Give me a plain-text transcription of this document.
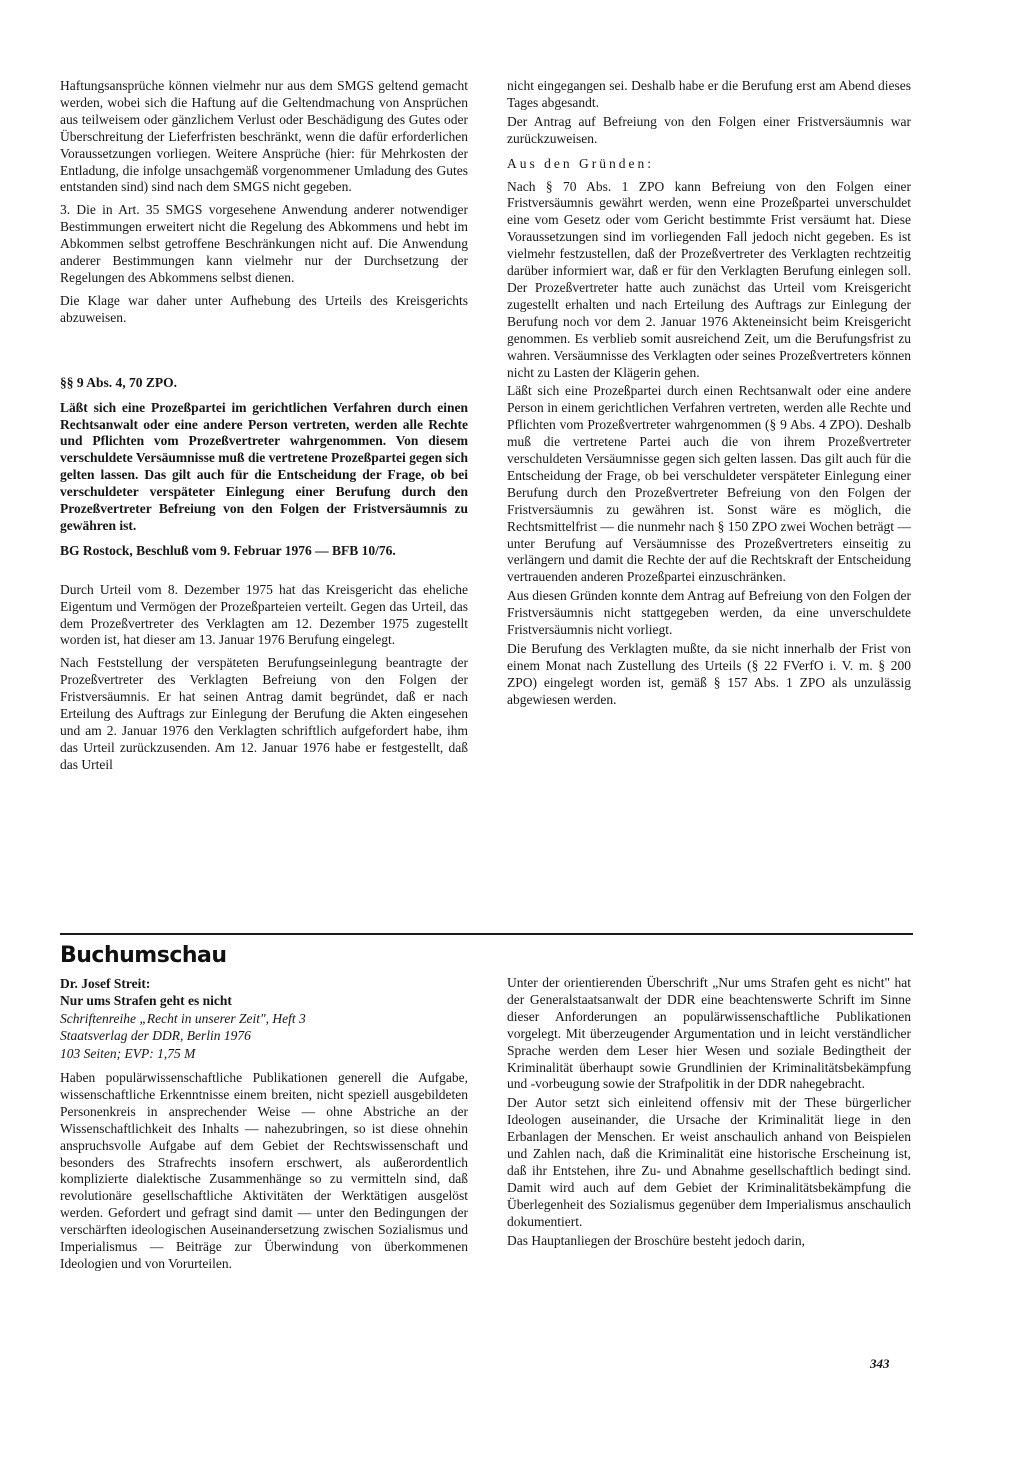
Haftungsansprüche können vielmehr nur aus dem SMGS geltend gemacht werden, wobei sich die Haftung auf die Geltendmachung von Ansprüchen aus teilweisem oder gänzlichem Verlust oder Beschädigung des Gutes oder Überschreitung der Lieferfristen beschränkt, wenn die dafür erforderlichen Voraussetzungen vorliegen. Weitere Ansprüche (hier: für Mehrkosten der Entladung, die infolge unsachgemäß vorgenommener Umladung des Gutes entstanden sind) sind nach dem SMGS nicht gegeben.

3. Die in Art. 35 SMGS vorgesehene Anwendung anderer notwendiger Bestimmungen erweitert nicht die Regelung des Abkommens und hebt im Abkommen selbst getroffene Beschränkungen nicht auf. Die Anwendung anderer Bestimmungen kann vielmehr nur der Durchsetzung der Regelungen des Abkommens selbst dienen.

Die Klage war daher unter Aufhebung des Urteils des Kreisgerichts abzuweisen.

§§ 9 Abs. 4, 70 ZPO.

Läßt sich eine Prozeßpartei im gerichtlichen Verfahren durch einen Rechtsanwalt oder eine andere Person vertreten, werden alle Rechte und Pflichten vom Prozeßvertreter wahrgenommen. Von diesem verschuldete Versäumnisse muß die vertretene Prozeßpartei gegen sich gelten lassen. Das gilt auch für die Entscheidung der Frage, ob bei verschuldeter verspäteter Einlegung einer Berufung durch den Prozeßvertreter Befreiung von den Folgen der Fristversäumnis zu gewähren ist.

BG Rostock, Beschluß vom 9. Februar 1976 — BFB 10/76.

Durch Urteil vom 8. Dezember 1975 hat das Kreisgericht das eheliche Eigentum und Vermögen der Prozeßparteien verteilt. Gegen das Urteil, das dem Prozeßvertreter des Verklagten am 12. Dezember 1975 zugestellt worden ist, hat dieser am 13. Januar 1976 Berufung eingelegt.

Nach Feststellung der verspäteten Berufungseinlegung beantragte der Prozeßvertreter des Verklagten Befreiung von den Folgen der Fristversäumnis. Er hat seinen Antrag damit begründet, daß er nach Erteilung des Auftrags zur Einlegung der Berufung die Akten eingesehen und am 2. Januar 1976 den Verklagten schriftlich aufgefordert habe, ihm das Urteil zurückzusenden. Am 12. Januar 1976 habe er festgestellt, daß das Urteil

nicht eingegangen sei. Deshalb habe er die Berufung erst am Abend dieses Tages abgesandt.

Der Antrag auf Befreiung von den Folgen einer Fristversäumnis war zurückzuweisen.

Aus den Gründen:

Nach § 70 Abs. 1 ZPO kann Befreiung von den Folgen einer Fristversäumnis gewährt werden, wenn eine Prozeßpartei unverschuldet eine vom Gesetz oder vom Gericht bestimmte Frist versäumt hat. Diese Voraussetzungen sind im vorliegenden Fall jedoch nicht gegeben. Es ist vielmehr festzustellen, daß der Prozeßvertreter des Verklagten rechtzeitig darüber informiert war, daß er für den Verklagten Berufung einlegen soll. Der Prozeßvertreter hatte auch zunächst das Urteil vom Kreisgericht zugestellt erhalten und nach Erteilung des Auftrags zur Einlegung der Berufung noch vor dem 2. Januar 1976 Akteneinsicht beim Kreisgericht genommen. Es verblieb somit ausreichend Zeit, um die Berufungsfrist zu wahren. Versäumnisse des Verklagten oder seines Prozeßvertreters können nicht zu Lasten der Klägerin gehen.

Läßt sich eine Prozeßpartei durch einen Rechtsanwalt oder eine andere Person in einem gerichtlichen Verfahren vertreten, werden alle Rechte und Pflichten vom Prozeßvertreter wahrgenommen (§ 9 Abs. 4 ZPO). Deshalb muß die vertretene Partei auch die von ihrem Prozeßvertreter verschuldeten Versäumnisse gegen sich gelten lassen. Das gilt auch für die Entscheidung der Frage, ob bei verschuldeter verspäteter Einlegung einer Berufung durch den Prozeßvertreter Befreiung von den Folgen der Fristversäumnis zu gewähren ist. Sonst wäre es möglich, die Rechtsmittelfrist — die nunmehr nach § 150 ZPO zwei Wochen beträgt — unter Berufung auf Versäumnisse des Prozeßvertreters einseitig zu verlängern und damit die Rechte der auf die Rechtskraft der Entscheidung vertrauenden anderen Prozeßpartei einzuschränken.

Aus diesen Gründen konnte dem Antrag auf Befreiung von den Folgen der Fristversäumnis nicht stattgegeben werden, da eine unverschuldete Fristversäumnis nicht vorliegt.

Die Berufung des Verklagten mußte, da sie nicht innerhalb der Frist von einem Monat nach Zustellung des Urteils (§ 22 FVerfO i. V. m. § 200 ZPO) eingelegt worden ist, gemäß § 157 Abs. 1 ZPO als unzulässig abgewiesen werden.

Buchumschau
Dr. Josef Streit:
Nur ums Strafen geht es nicht
Schriftenreihe „Recht in unserer Zeit", Heft 3
Staatsverlag der DDR, Berlin 1976
103 Seiten; EVP: 1,75 M

Haben populärwissenschaftliche Publikationen generell die Aufgabe, wissenschaftliche Erkenntnisse einem breiten, nicht speziell ausgebildeten Personenkreis in ansprechender Weise — ohne Abstriche an der Wissenschaftlichkeit des Inhalts — nahezubringen, so ist diese ohnehin anspruchsvolle Aufgabe auf dem Gebiet der Rechtswissenschaft und besonders des Strafrechts insofern erschwert, als außerordentlich komplizierte dialektische Zusammenhänge so zu vermitteln sind, daß revolutionäre gesellschaftliche Aktivitäten der Werktätigen ausgelöst werden. Gefordert und gefragt sind damit — unter den Bedingungen der verschärften ideologischen Auseinandersetzung zwischen Sozialismus und Imperialismus — Beiträge zur Überwindung von überkommenen Ideologien und von Vorurteilen.

Unter der orientierenden Überschrift „Nur ums Strafen geht es nicht" hat der Generalstaatsanwalt der DDR eine beachtenswerte Schrift im Sinne dieser Anforderungen an populärwissenschaftliche Publikationen vorgelegt. Mit überzeugender Argumentation und in leicht verständlicher Sprache werden dem Leser hier Wesen und soziale Bedingtheit der Kriminalität überhaupt sowie Grundlinien der Kriminalitätsbekämpfung und -vorbeugung sowie der Strafpolitik in der DDR nahegebracht.

Der Autor setzt sich einleitend offensiv mit der These bürgerlicher Ideologen auseinander, die Ursache der Kriminalität liege in den Erbanlagen der Menschen. Er weist anschaulich anhand von Beispielen und Zahlen nach, daß die Kriminalität eine historische Erscheinung ist, daß ihr Entstehen, ihre Zu- und Abnahme gesellschaftlich bedingt sind. Damit wird auch auf dem Gebiet der Kriminalitätsbekämpfung die Überlegenheit des Sozialismus gegenüber dem Imperialismus anschaulich dokumentiert.

Das Hauptanliegen der Broschüre besteht jedoch darin,

343
